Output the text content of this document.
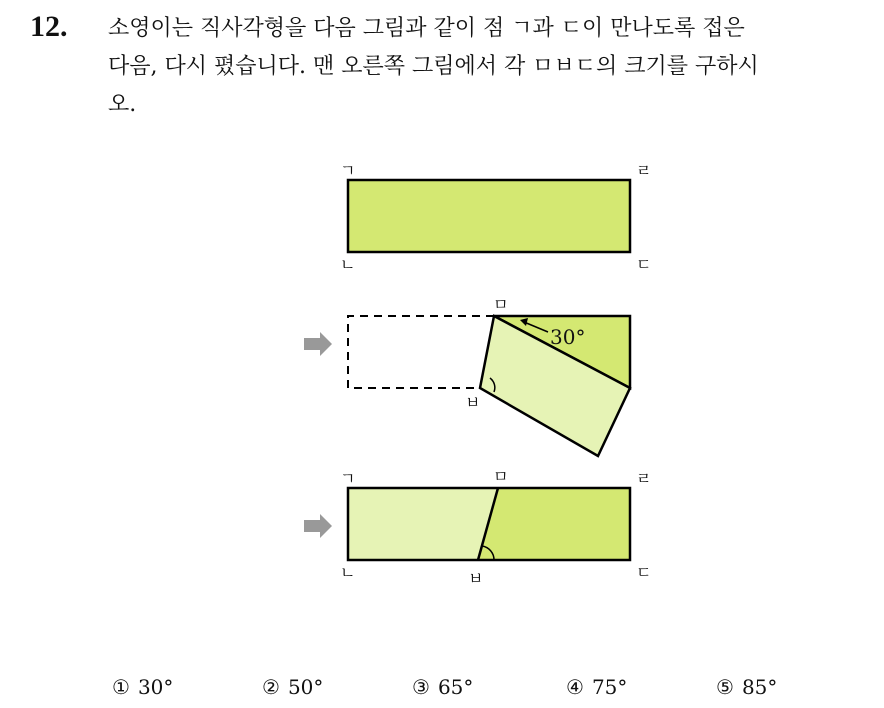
12. 소영이는 직사각형을 다음 그림과 같이 점 ㄱ과 ㄷ이 만나도록 접은
다음, 다시 폈습니다. 맨 오른쪽 그림에서 각 ㅁㅂㄷ의 크기를 구하시
오.
ㄱ	ㄹ
ㄴ	ㄷ
30°
ㅁ
ㅂ
ㄱ	ㅁ	ㄹ
ㄴ	ㅂ	ㄷ
① 30°	② 50°	③ 65°	④ 75°	⑤ 85°
